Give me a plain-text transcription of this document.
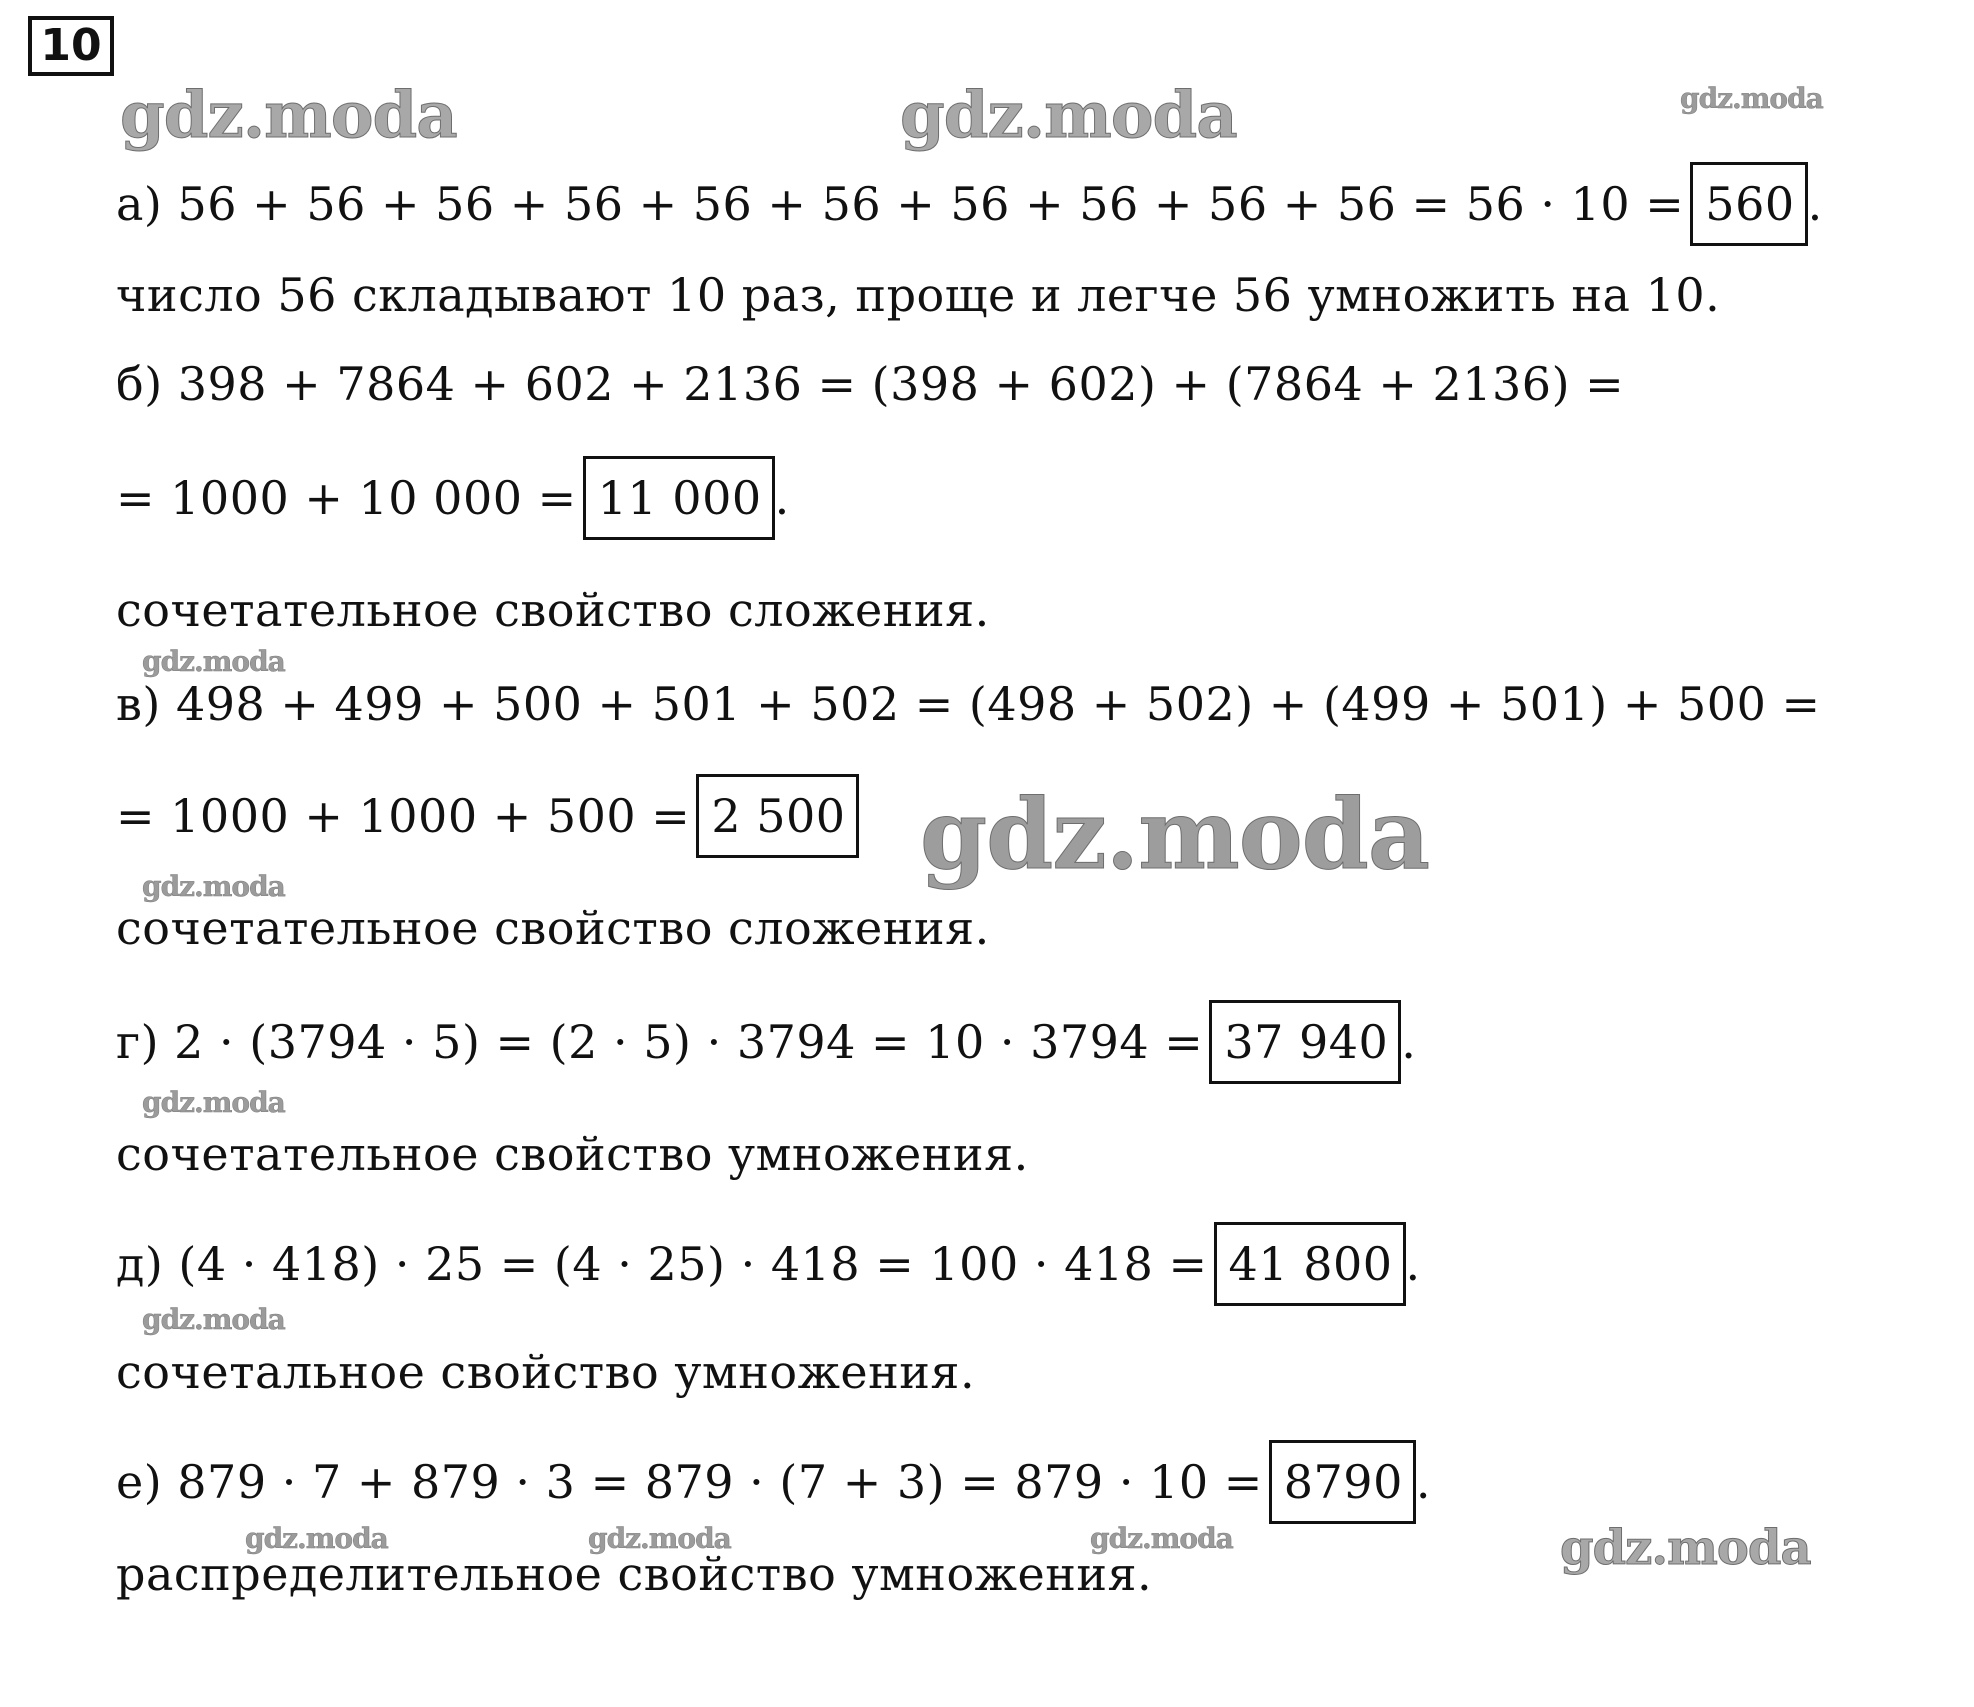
10
gdz.moda	gdz.moda	gdz.moda
gdz.moda
gdz.moda
gdz.moda
gdz.moda
gdz.moda
gdz.moda	gdz.moda	gdz.moda	gdz.moda
а) 56 + 56 + 56 + 56 + 56 + 56 + 56 + 56 + 56 + 56 = 56 · 10 = 560 .
число 56 складывают 10 раз, проще и легче 56 умножить на 10.
б) 398 + 7864 + 602 + 2136 = (398 + 602) + (7864 + 2136) =
= 1000 + 10 000 = 11 000 .
сочетательное свойство сложения.
в) 498 + 499 + 500 + 501 + 502 = (498 + 502) + (499 + 501) + 500 =
= 1000 + 1000 + 500 = 2 500
сочетательное свойство сложения.
г) 2 · (3794 · 5) = (2 · 5) · 3794 = 10 · 3794 = 37 940 .
сочетательное свойство умножения.
д) (4 · 418) · 25 = (4 · 25) · 418 = 100 · 418 = 41 800 .
сочетальное свойство умножения.
е) 879 · 7 + 879 · 3 = 879 · (7 + 3) = 879 · 10 = 8790 .
распределительное свойство умножения.
